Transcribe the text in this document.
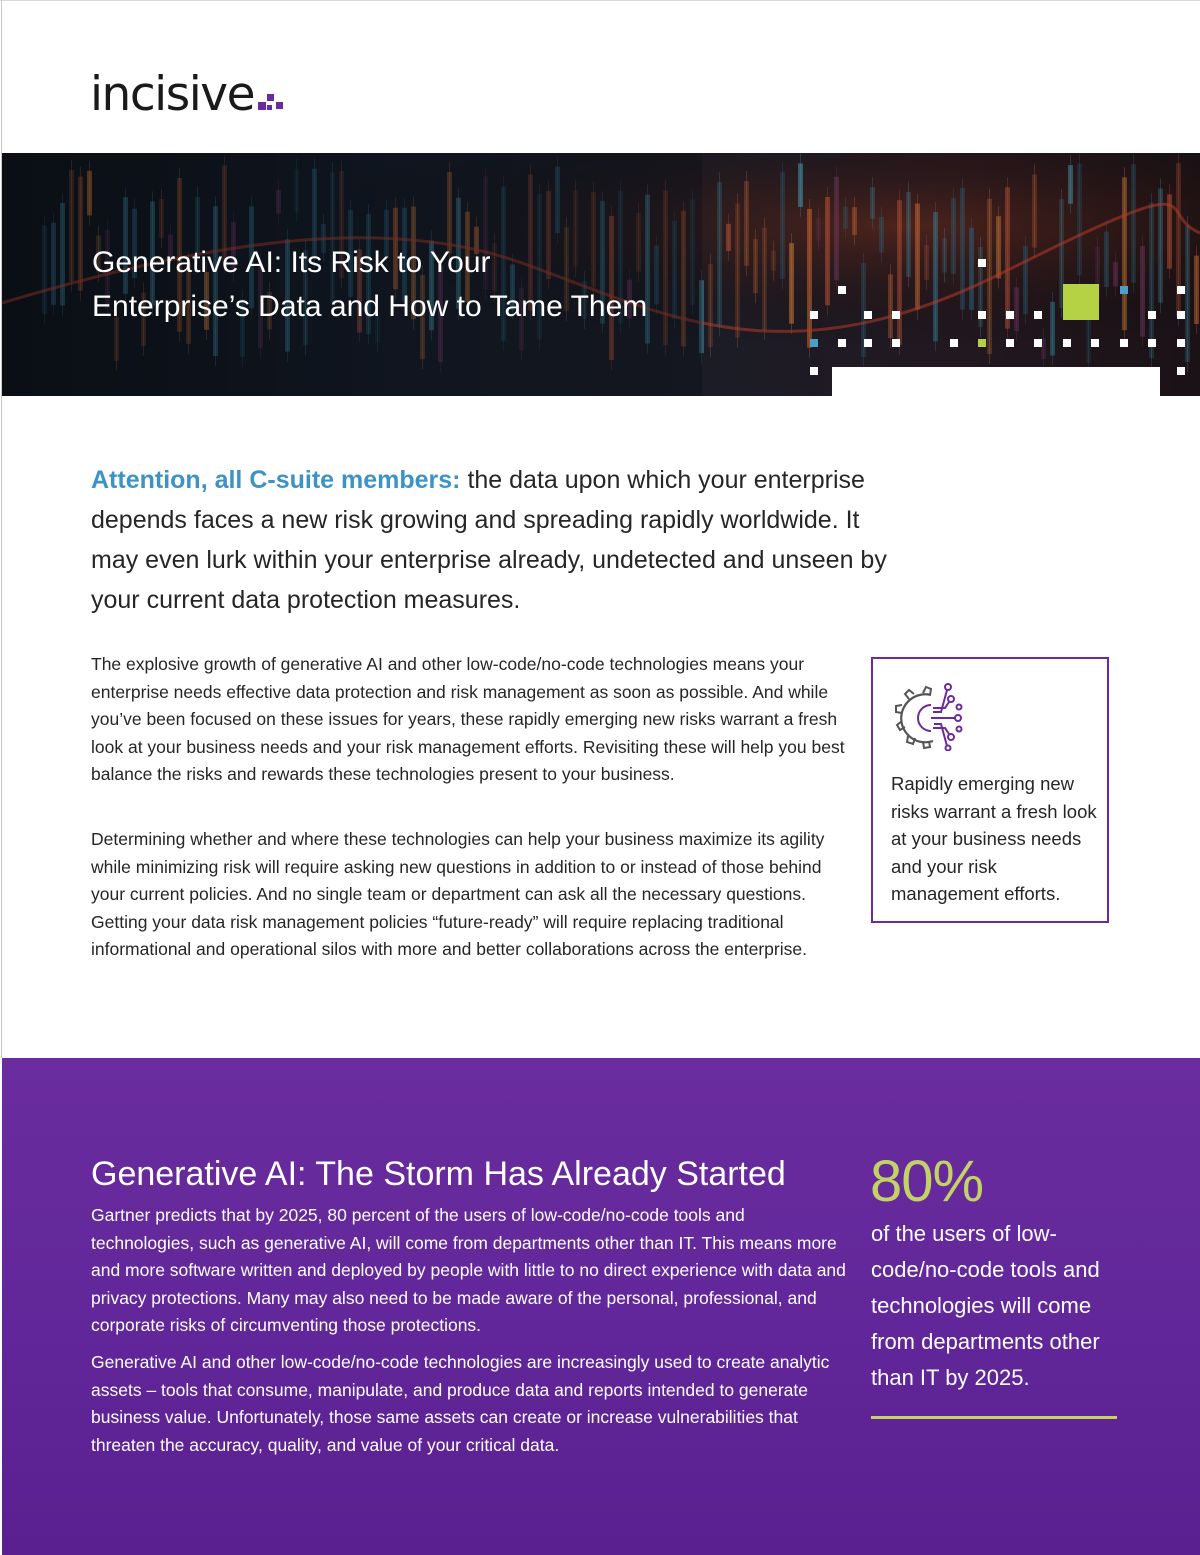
incisive
Generative AI: Its Risk to Your
Enterprise’s Data and How to Tame Them

Attention, all C-suite members: the data upon which your enterprise depends faces a new risk growing and spreading rapidly worldwide. It may even lurk within your enterprise already, undetected and unseen by your current data protection measures.

The explosive growth of generative AI and other low-code/no-code technologies means your enterprise needs effective data protection and risk management as soon as possible. And while you’ve been focused on these issues for years, these rapidly emerging new risks warrant a fresh look at your business needs and your risk management efforts. Revisiting these will help you best balance the risks and rewards these technologies present to your business.

Determining whether and where these technologies can help your business maximize its agility while minimizing risk will require asking new questions in addition to or instead of those behind your current policies. And no single team or department can ask all the necessary questions. Getting your data risk management policies “future-ready” will require replacing traditional informational and operational silos with more and better collaborations across the enterprise.

Rapidly emerging new risks warrant a fresh look at your business needs and your risk management efforts.

Generative AI: The Storm Has Already Started

Gartner predicts that by 2025, 80 percent of the users of low-code/no-code tools and technologies, such as generative AI, will come from departments other than IT. This means more and more software written and deployed by people with little to no direct experience with data and privacy protections. Many may also need to be made aware of the personal, professional, and corporate risks of circumventing those protections.

Generative AI and other low-code/no-code technologies are increasingly used to create analytic assets – tools that consume, manipulate, and produce data and reports intended to generate business value. Unfortunately, those same assets can create or increase vulnerabilities that threaten the accuracy, quality, and value of your critical data.

80%

of the users of low-code/no-code tools and technologies will come from departments other than IT by 2025.
